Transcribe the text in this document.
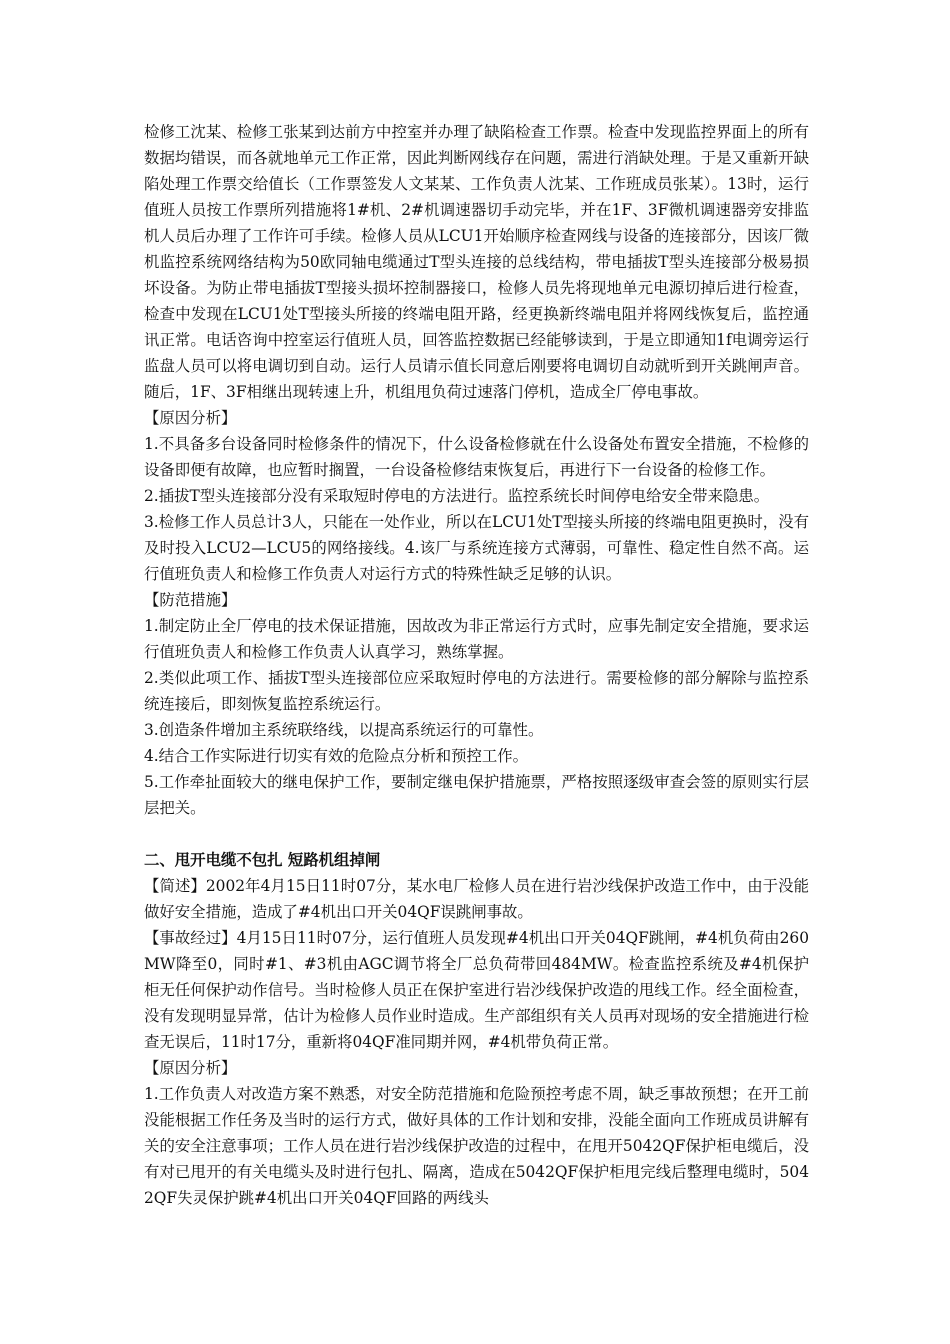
检修工沈某、检修工张某到达前方中控室并办理了缺陷检查工作票。检查中发现监控界面上的所有数据均错误，而各就地单元工作正常，因此判断网线存在问题，需进行消缺处理。于是又重新开缺陷处理工作票交给值长（工作票签发人文某某、工作负责人沈某、工作班成员张某）。13时，运行值班人员按工作票所列措施将1#机、2#机调速器切手动完毕，并在1F、3F微机调速器旁安排监机人员后办理了工作许可手续。检修人员从LCU1开始顺序检查网线与设备的连接部分，因该厂微机监控系统网络结构为50欧同轴电缆通过T型头连接的总线结构，带电插拔T型头连接部分极易损坏设备。为防止带电插拔T型接头损坏控制器接口，检修人员先将现地单元电源切掉后进行检查，检查中发现在LCU1处T型接头所接的终端电阻开路，经更换新终端电阻并将网线恢复后，监控通讯正常。电话咨询中控室运行值班人员，回答监控数据已经能够读到，于是立即通知1f电调旁运行监盘人员可以将电调切到自动。运行人员请示值长同意后刚要将电调切自动就听到开关跳闸声音。随后，1F、3F相继出现转速上升，机组甩负荷过速落门停机，造成全厂停电事故。

【原因分析】

1.不具备多台设备同时检修条件的情况下，什么设备检修就在什么设备处布置安全措施，不检修的设备即便有故障，也应暂时搁置，一台设备检修结束恢复后，再进行下一台设备的检修工作。

2.插拔T型头连接部分没有采取短时停电的方法进行。监控系统长时间停电给安全带来隐患。

3.检修工作人员总计3人，只能在一处作业，所以在LCU1处T型接头所接的终端电阻更换时，没有及时投入LCU2—LCU5的网络接线。4.该厂与系统连接方式薄弱，可靠性、稳定性自然不高。运行值班负责人和检修工作负责人对运行方式的特殊性缺乏足够的认识。

【防范措施】

1.制定防止全厂停电的技术保证措施，因故改为非正常运行方式时，应事先制定安全措施，要求运行值班负责人和检修工作负责人认真学习，熟练掌握。

2.类似此项工作、插拔T型头连接部位应采取短时停电的方法进行。需要检修的部分解除与监控系统连接后，即刻恢复监控系统运行。

3.创造条件增加主系统联络线，以提高系统运行的可靠性。

4.结合工作实际进行切实有效的危险点分析和预控工作。

5.工作牵扯面较大的继电保护工作，要制定继电保护措施票，严格按照逐级审查会签的原则实行层层把关。

二、甩开电缆不包扎 短路机组掉闸

【简述】2002年4月15日11时07分，某水电厂检修人员在进行岩沙线保护改造工作中，由于没能做好安全措施，造成了#4机出口开关04QF误跳闸事故。

【事故经过】4月15日11时07分，运行值班人员发现#4机出口开关04QF跳闸，#4机负荷由260MW降至0，同时#1、#3机由AGC调节将全厂总负荷带回484MW。检查监控系统及#4机保护柜无任何保护动作信号。当时检修人员正在保护室进行岩沙线保护改造的甩线工作。经全面检查，没有发现明显异常，估计为检修人员作业时造成。生产部组织有关人员再对现场的安全措施进行检查无误后，11时17分，重新将04QF准同期并网，#4机带负荷正常。

【原因分析】

1.工作负责人对改造方案不熟悉，对安全防范措施和危险预控考虑不周，缺乏事故预想；在开工前没能根据工作任务及当时的运行方式，做好具体的工作计划和安排，没能全面向工作班成员讲解有关的安全注意事项；工作人员在进行岩沙线保护改造的过程中，在甩开5042QF保护柜电缆后，没有对已甩开的有关电缆头及时进行包扎、隔离，造成在5042QF保护柜甩完线后整理电缆时，5042QF失灵保护跳#4机出口开关04QF回路的两线头
